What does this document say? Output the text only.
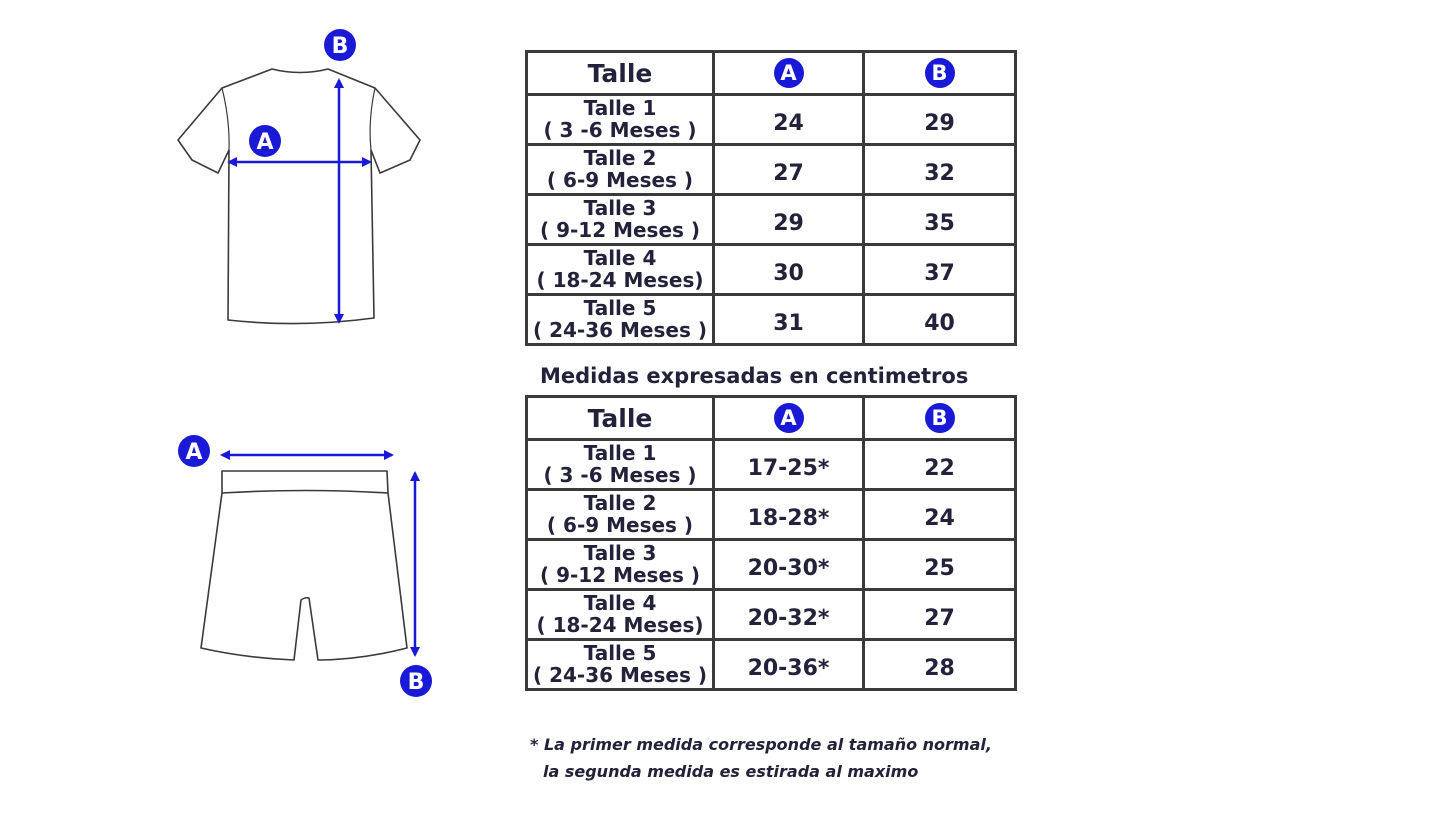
A
B
A
B
Talle	A	B

Talle 1
( 3 -6 Meses )	24	29

Talle 2
( 6-9 Meses )	27	32

Talle 3
( 9-12 Meses )	29	35

Talle 4
( 18-24 Meses)	30	37

Talle 5
( 24-36 Meses )	31	40
Medidas expresadas en centimetros
Talle	A	B

Talle 1
( 3 -6 Meses )	17-25*	22

Talle 2
( 6-9 Meses )	18-28*	24

Talle 3
( 9-12 Meses )	20-30*	25

Talle 4
( 18-24 Meses)	20-32*	27

Talle 5
( 24-36 Meses )	20-36*	28
* La primer medida corresponde al tamaño normal,
la segunda medida es estirada al maximo
